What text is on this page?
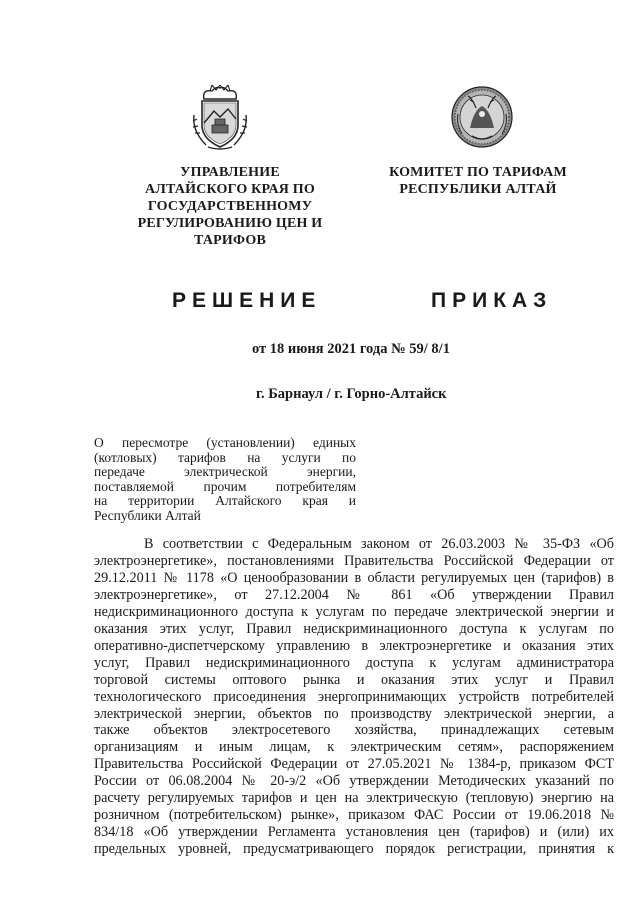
УПРАВЛЕНИЕ
АЛТАЙСКОГО КРАЯ ПО
ГОСУДАРСТВЕННОМУ
РЕГУЛИРОВАНИЮ ЦЕН И
ТАРИФОВ
КОМИТЕТ ПО ТАРИФАМ
РЕСПУБЛИКИ АЛТАЙ
РЕШЕНИЕ	ПРИКАЗ
от 18 июня 2021 года № 59/ 8/1
г. Барнаул / г. Горно-Алтайск
О пересмотре (установлении) единых
(котловых) тарифов на услуги по
передаче электрической энергии,
поставляемой прочим потребителям
на территории Алтайского края и
Республики Алтай
В соответствии с Федеральным законом от 26.03.2003 № 35-ФЗ «Об
электроэнергетике», постановлениями Правительства Российской Федерации от
29.12.2011 № 1178 «О ценообразовании в области регулируемых цен (тарифов) в
электроэнергетике», от 27.12.2004 № 861 «Об утверждении Правил
недискриминационного доступа к услугам по передаче электрической энергии и
оказания этих услуг, Правил недискриминационного доступа к услугам по
оперативно-диспетчерскому управлению в электроэнергетике и оказания этих
услуг, Правил недискриминационного доступа к услугам администратора
торговой системы оптового рынка и оказания этих услуг и Правил
технологического присоединения энергопринимающих устройств потребителей
электрической энергии, объектов по производству электрической энергии, а
также объектов электросетевого хозяйства, принадлежащих сетевым
организациям и иным лицам, к электрическим сетям», распоряжением
Правительства Российской Федерации от 27.05.2021 № 1384-р, приказом ФСТ
России от 06.08.2004 № 20-э/2 «Об утверждении Методических указаний по
расчету регулируемых тарифов и цен на электрическую (тепловую) энергию на
розничном (потребительском) рынке», приказом ФАС России от 19.06.2018 №
834/18 «Об утверждении Регламента установления цен (тарифов) и (или) их
предельных уровней, предусматривающего порядок регистрации, принятия к
